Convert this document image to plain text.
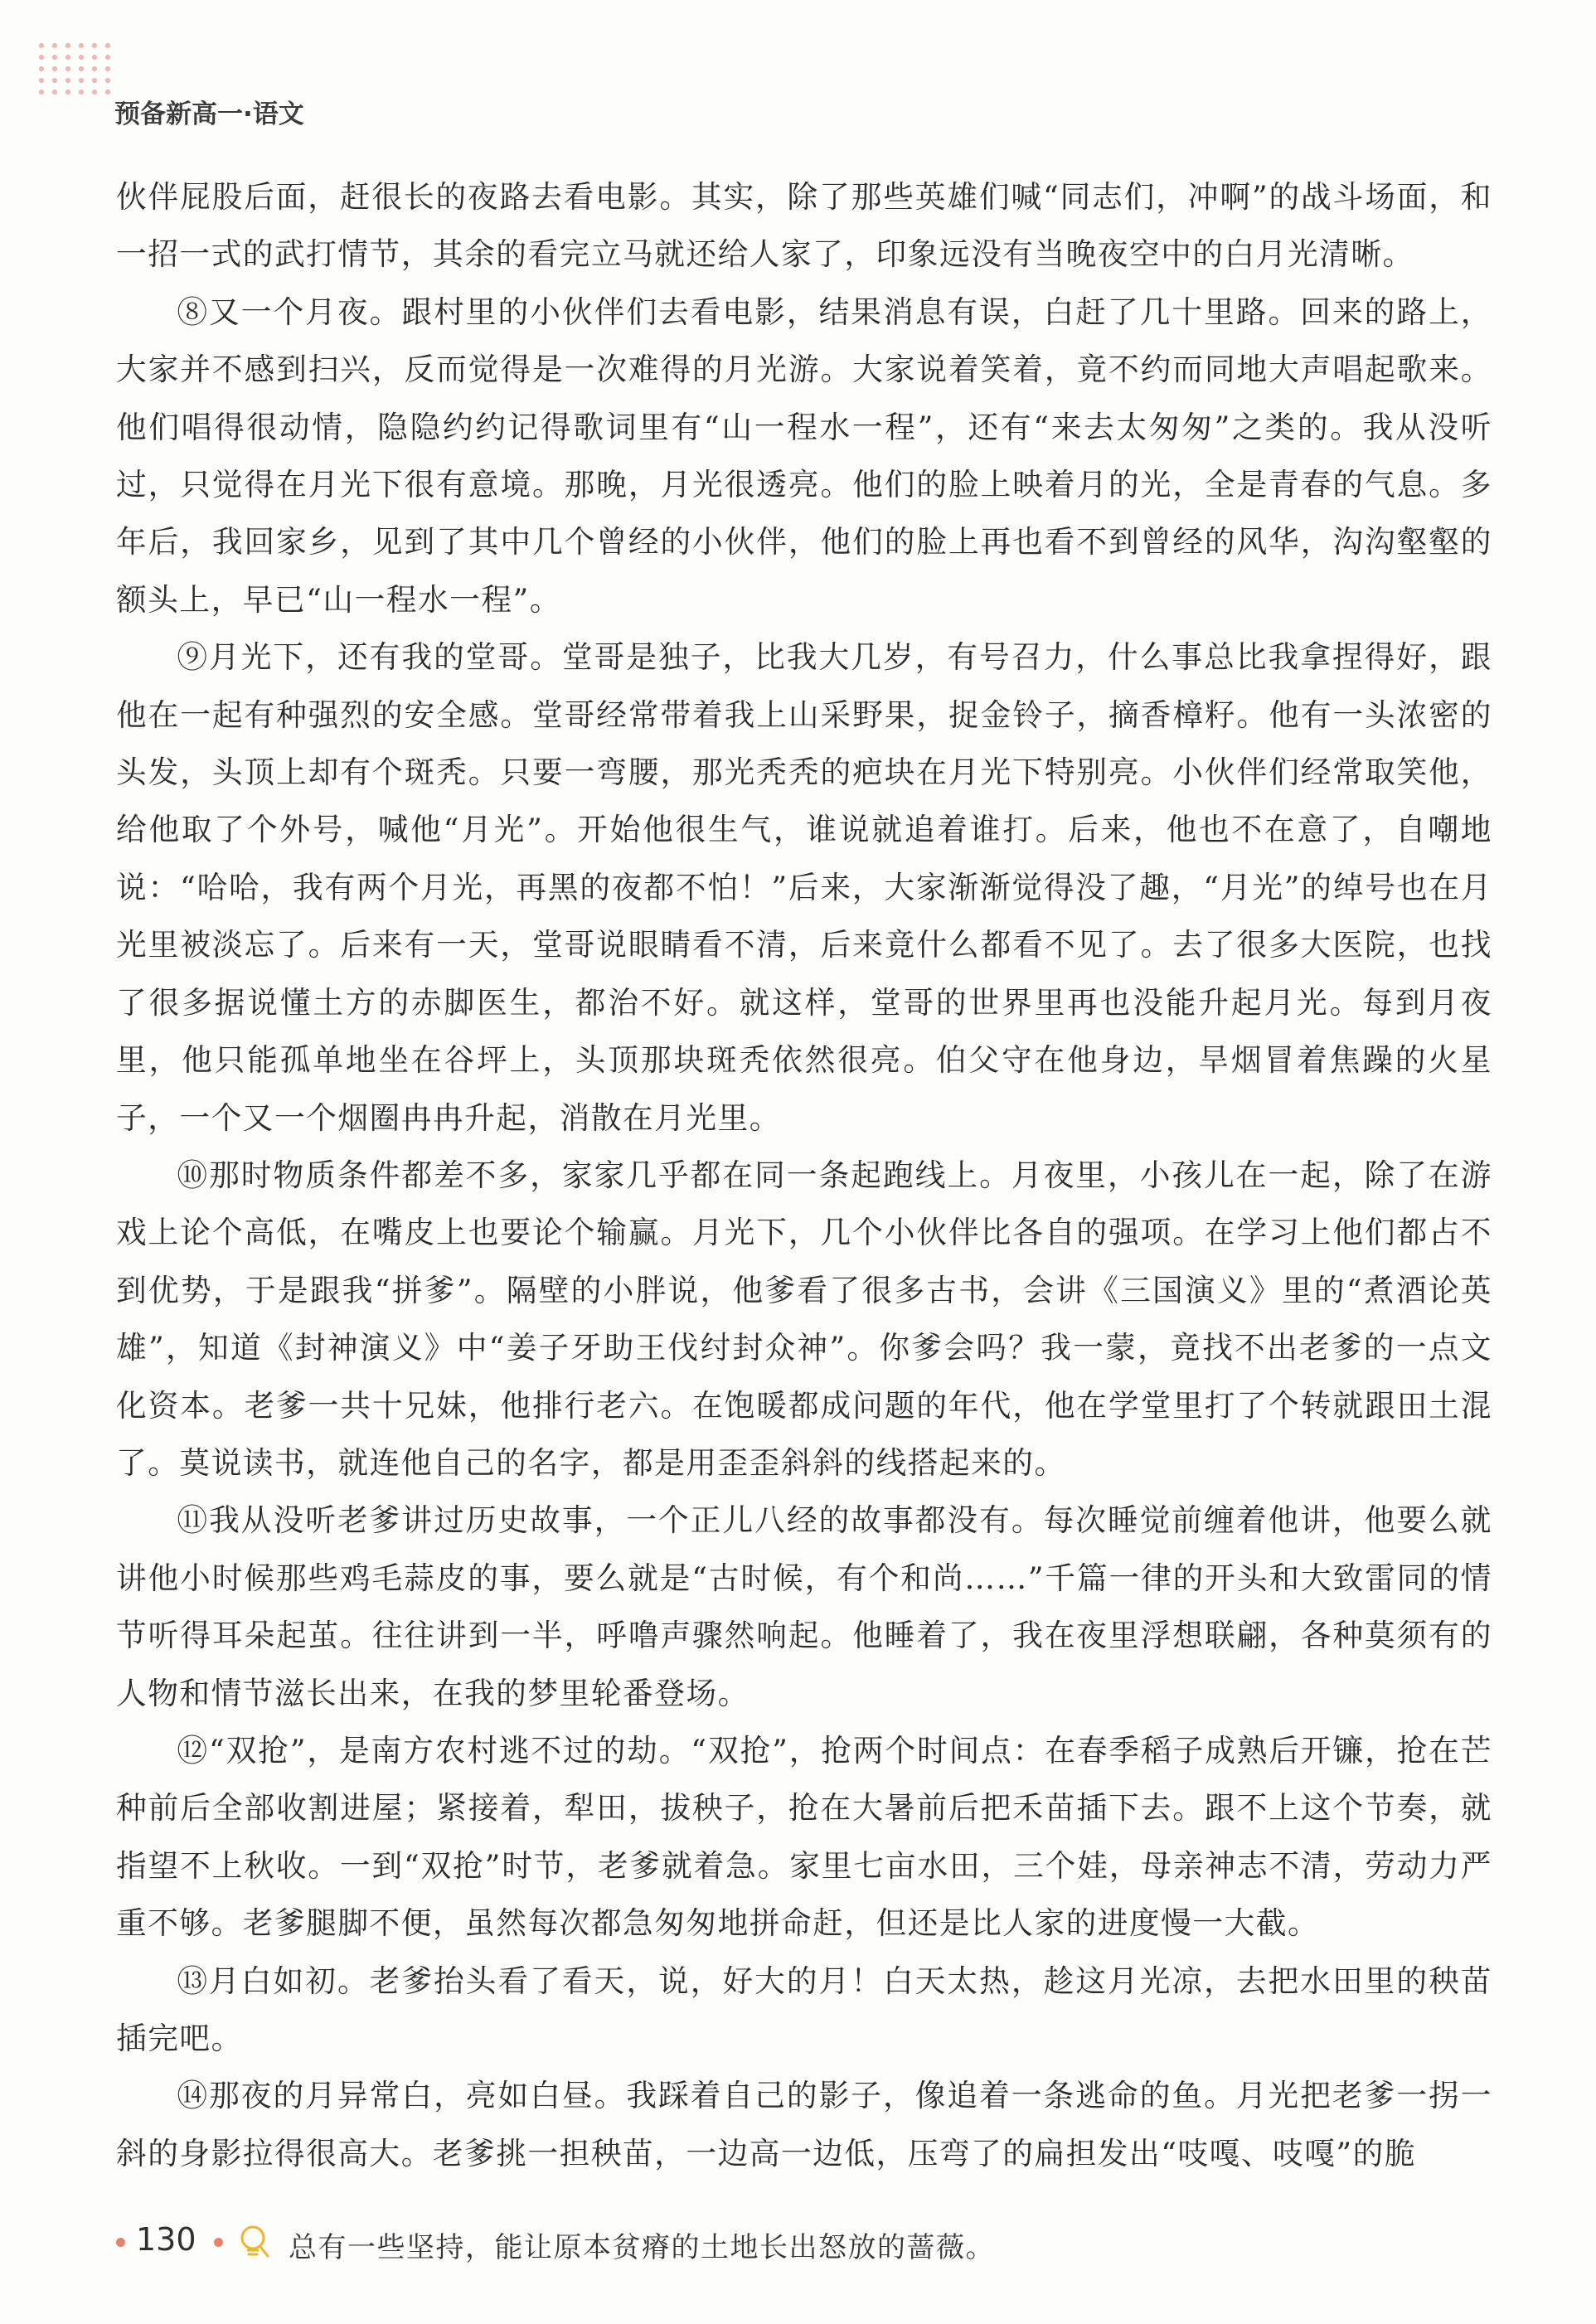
预备新高一·语文

伙伴屁股后面，赶很长的夜路去看电影。其实，除了那些英雄们喊“同志们，冲啊”的战斗场面，和一招一式的武打情节，其余的看完立马就还给人家了，印象远没有当晚夜空中的白月光清晰。

⑧又一个月夜。跟村里的小伙伴们去看电影，结果消息有误，白赶了几十里路。回来的路上，大家并不感到扫兴，反而觉得是一次难得的月光游。大家说着笑着，竟不约而同地大声唱起歌来。他们唱得很动情，隐隐约约记得歌词里有“山一程水一程”，还有“来去太匆匆”之类的。我从没听过，只觉得在月光下很有意境。那晚，月光很透亮。他们的脸上映着月的光，全是青春的气息。多年后，我回家乡，见到了其中几个曾经的小伙伴，他们的脸上再也看不到曾经的风华，沟沟壑壑的额头上，早已“山一程水一程”。

⑨月光下，还有我的堂哥。堂哥是独子，比我大几岁，有号召力，什么事总比我拿捏得好，跟他在一起有种强烈的安全感。堂哥经常带着我上山采野果，捉金铃子，摘香樟籽。他有一头浓密的头发，头顶上却有个斑秃。只要一弯腰，那光秃秃的疤块在月光下特别亮。小伙伴们经常取笑他，给他取了个外号，喊他“月光”。开始他很生气，谁说就追着谁打。后来，他也不在意了，自嘲地说：“哈哈，我有两个月光，再黑的夜都不怕！”后来，大家渐渐觉得没了趣，“月光”的绰号也在月光里被淡忘了。后来有一天，堂哥说眼睛看不清，后来竟什么都看不见了。去了很多大医院，也找了很多据说懂土方的赤脚医生，都治不好。就这样，堂哥的世界里再也没能升起月光。每到月夜里，他只能孤单地坐在谷坪上，头顶那块斑秃依然很亮。伯父守在他身边，旱烟冒着焦躁的火星子，一个又一个烟圈冉冉升起，消散在月光里。

⑩那时物质条件都差不多，家家几乎都在同一条起跑线上。月夜里，小孩儿在一起，除了在游戏上论个高低，在嘴皮上也要论个输赢。月光下，几个小伙伴比各自的强项。在学习上他们都占不到优势，于是跟我“拼爹”。隔壁的小胖说，他爹看了很多古书，会讲《三国演义》里的“煮酒论英雄”，知道《封神演义》中“姜子牙助王伐纣封众神”。你爹会吗？我一蒙，竟找不出老爹的一点文化资本。老爹一共十兄妹，他排行老六。在饱暖都成问题的年代，他在学堂里打了个转就跟田土混了。莫说读书，就连他自己的名字，都是用歪歪斜斜的线搭起来的。

⑪我从没听老爹讲过历史故事，一个正儿八经的故事都没有。每次睡觉前缠着他讲，他要么就讲他小时候那些鸡毛蒜皮的事，要么就是“古时候，有个和尚……”千篇一律的开头和大致雷同的情节听得耳朵起茧。往往讲到一半，呼噜声骤然响起。他睡着了，我在夜里浮想联翩，各种莫须有的人物和情节滋长出来，在我的梦里轮番登场。

⑫“双抢”，是南方农村逃不过的劫。“双抢”，抢两个时间点：在春季稻子成熟后开镰，抢在芒种前后全部收割进屋；紧接着，犁田，拔秧子，抢在大暑前后把禾苗插下去。跟不上这个节奏，就指望不上秋收。一到“双抢”时节，老爹就着急。家里七亩水田，三个娃，母亲神志不清，劳动力严重不够。老爹腿脚不便，虽然每次都急匆匆地拼命赶，但还是比人家的进度慢一大截。

⑬月白如初。老爹抬头看了看天，说，好大的月！白天太热，趁这月光凉，去把水田里的秧苗插完吧。

⑭那夜的月异常白，亮如白昼。我踩着自己的影子，像追着一条逃命的鱼。月光把老爹一拐一斜的身影拉得很高大。老爹挑一担秧苗，一边高一边低，压弯了的扁担发出“吱嘎、吱嘎”的脆

130	总有一些坚持，能让原本贫瘠的土地长出怒放的蔷薇。
